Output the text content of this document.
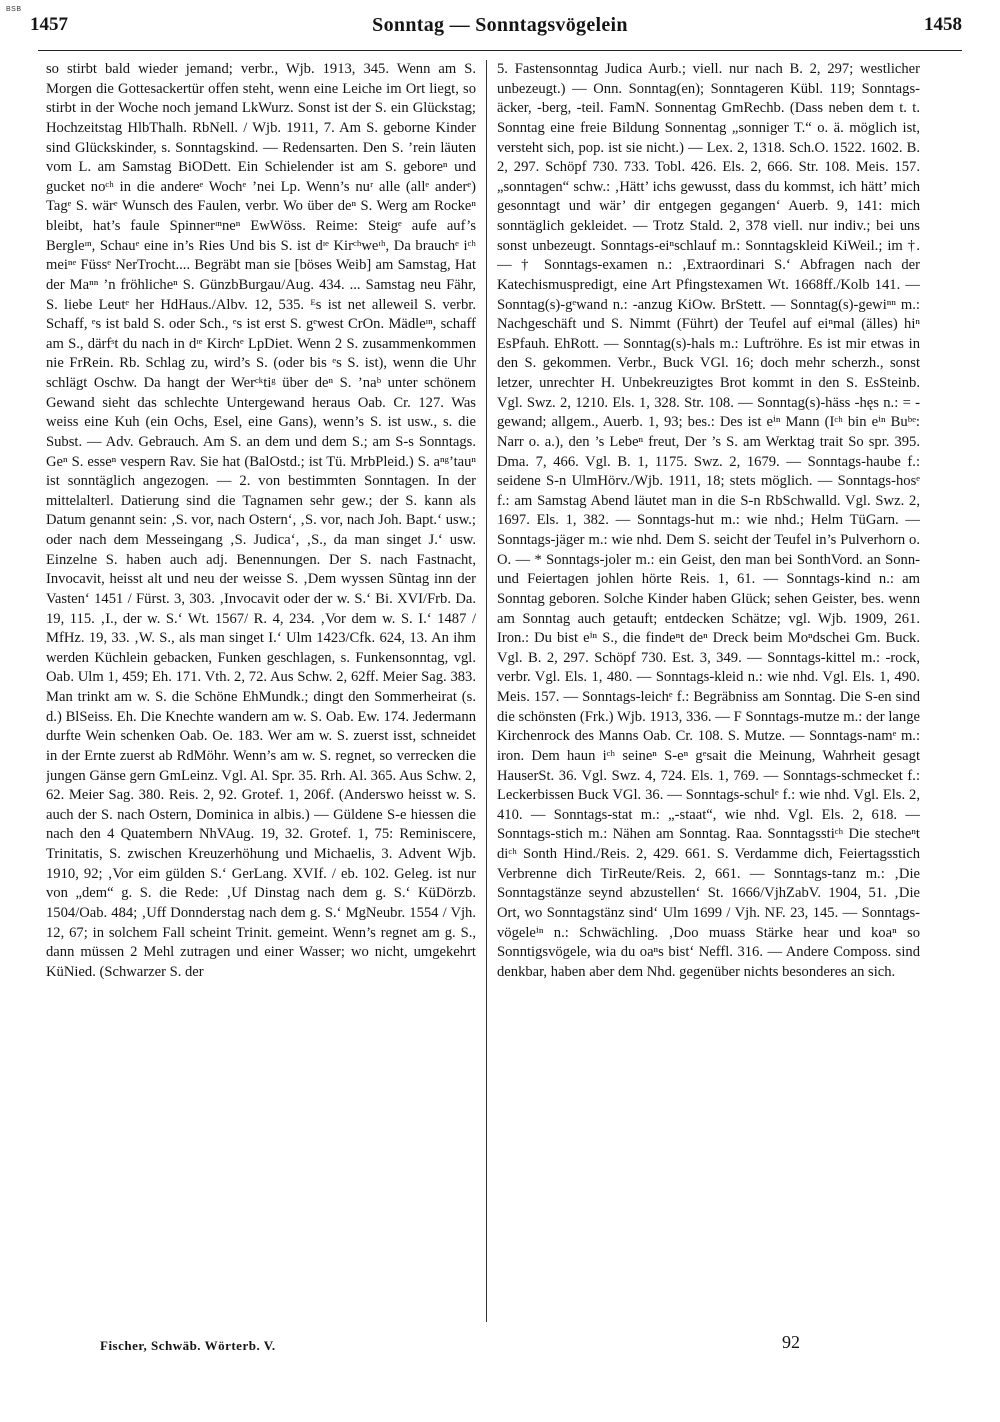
BSB
1457	Sonntag — Sonntagsvögelein	1458

so stirbt bald wieder jemand; verbr., Wjb. 1913, 345. Wenn am S. Morgen die Gottesackertür offen steht, wenn eine Leiche im Ort liegt, so stirbt in der Woche noch jemand LkWurz. Sonst ist der S. ein Glückstag; Hochzeitstag HlbThalh. RbNell. / Wjb. 1911, 7. Am S. geborne Kinder sind Glückskinder, s. Sonntagskind. — Redensarten. Den S. ’rein läuten vom L. am Samstag BiODett. Ein Schielender ist am S. geboreⁿ und gucket noᶜʰ in die andereᵉ Wochᵉ ’nei Lp. Wenn’s nuʳ alle (allᵉ anderᵉ) Tagᵉ S. wärᵉ Wunsch des Faulen, verbr. Wo über deⁿ S. Werg am Rockeⁿ bleibt, hat’s faule Spinnerᶦⁿneⁿ EwWöss. Reime: Steigᵉ aufe auf’s Bergleᶦⁿ, Schauᵉ eine in’s Ries Und bis S. ist dᶦᵉ Kirᶜʰweᶦʰ, Da brauchᵉ iᶜʰ meiⁿᵉ Füssᵉ NerTrocht.... Begräbt man sie [böses Weib] am Samstag, Hat der Maⁿⁿ ’n fröhlicheⁿ S. GünzbBurgau/Aug. 434. ... Samstag neu Fähr, S. liebe Leutᵉ her HdHaus./Albv. 12, 535. ᴱs ist net alleweil S. verbr. Schaff, ᵉs ist bald S. oder Sch., ᵉs ist erst S. gᵉwest CrOn. Mädleᶦⁿ, schaff am S., därfˢt du nach in dᶦᵉ Kirchᵉ LpDiet. Wenn 2 S. zusammenkommen nie FrRein. Rb. Schlag zu, wird’s S. (oder bis ᵉs S. ist), wenn die Uhr schlägt Oschw. Da hangt der Werᶜᵏtiᵍ über deⁿ S. ’naᵇ unter schönem Gewand sieht das schlechte Untergewand heraus Oab. Cr. 127. Was weiss eine Kuh (ein Ochs, Esel, eine Gans), wenn’s S. ist usw., s. die Subst. — Adv. Gebrauch. Am S. an dem und dem S.; am S-s Sonntags. Geⁿ S. esseⁿ vespern Rav. Sie hat (BalOstd.; ist Tü. MrbPleid.) S. aⁿᵍ’tauⁿ ist sonntäglich angezogen. — 2. von bestimmten Sonntagen. In der mittelalterl. Datierung sind die Tagnamen sehr gew.; der S. kann als Datum genannt sein: ‚S. vor, nach Ostern‘, ‚S. vor, nach Joh. Bapt.‘ usw.; oder nach dem Messeingang ‚S. Judica‘, ‚S., da man singet J.‘ usw. Einzelne S. haben auch adj. Benennungen. Der S. nach Fastnacht, Invocavit, heisst alt und neu der weisse S. ‚Dem wyssen Sũntag inn der Vasten‘ 1451 / Fürst. 3, 303. ‚Invocavit oder der w. S.‘ Bi. XVI/Frb. Da. 19, 115. ‚I., der w. S.‘ Wt. 1567/ R. 4, 234. ‚Vor dem w. S. I.‘ 1487 / MfHz. 19, 33. ‚W. S., als man singet I.‘ Ulm 1423/Cfk. 624, 13. An ihm werden Küchlein gebacken, Funken geschlagen, s. Funkensonntag, vgl. Oab. Ulm 1, 459; Eh. 171. Vth. 2, 72. Aus Schw. 2, 62ff. Meier Sag. 383. Man trinkt am w. S. die Schöne EhMundk.; dingt den Sommerheirat (s. d.) BlSeiss. Eh. Die Knechte wandern am w. S. Oab. Ew. 174. Jedermann durfte Wein schenken Oab. Oe. 183. Wer am w. S. zuerst isst, schneidet in der Ernte zuerst ab RdMöhr. Wenn’s am w. S. regnet, so verrecken die jungen Gänse gern GmLeinz. Vgl. Al. Spr. 35. Rrh. Al. 365. Aus Schw. 2, 62. Meier Sag. 380. Reis. 2, 92. Grotef. 1, 206f. (Anderswo heisst w. S. auch der S. nach Ostern, Dominica in albis.) — Güldene S-e hiessen die nach den 4 Quatembern NhVAug. 19, 32. Grotef. 1, 75: Reminiscere, Trinitatis, S. zwischen Kreuzerhöhung und Michaelis, 3. Advent Wjb. 1910, 92; ‚Vor eim gülden S.‘ GerLang. XVIf. / eb. 102. Geleg. ist nur von „dem“ g. S. die Rede: ‚Uf Dinstag nach dem g. S.‘ KüDörzb. 1504/Oab. 484; ‚Uff Donnderstag nach dem g. S.‘ MgNeubr. 1554 / Vjh. 12, 67; in solchem Fall scheint Trinit. gemeint. Wenn’s regnet am g. S., dann müssen 2 Mehl zutragen und einer Wasser; wo nicht, umgekehrt KüNied. (Schwarzer S. der

5. Fastensonntag Judica Aurb.; viell. nur nach B. 2, 297; westlicher unbezeugt.) — Onn. Sonntag(en); Sonntageren Kübl. 119; Sonntags-äcker, -berg, -teil. FamN. Sonnentag GmRechb. (Dass neben dem t. t. Sonntag eine freie Bildung Sonnentag „sonniger T.“ o. ä. möglich ist, versteht sich, pop. ist sie nicht.) — Lex. 2, 1318. Sch.O. 1522. 1602. B. 2, 297. Schöpf 730. 733. Tobl. 426. Els. 2, 666. Str. 108. Meis. 157. „sonntagen“ schw.: ‚Hätt’ ichs gewusst, dass du kommst, ich hätt’ mich gesonntagt und wär’ dir entgegen gegangen‘ Auerb. 9, 141: mich sonntäglich gekleidet. — Trotz Stald. 2, 378 viell. nur indiv.; bei uns sonst unbezeugt. Sonntags-eiⁿschlauf m.: Sonntagskleid KiWeil.; im †. — † Sonntags-examen n.: ‚Extraordinari S.‘ Abfragen nach der Katechismuspredigt, eine Art Pfingstexamen Wt. 1668ff./Kolb 141. — Sonntag(s)-gᵉwand n.: -anzug KiOw. BrStett. — Sonntag(s)-gewiⁿⁿ m.: Nachgeschäft und S. Nimmt (Führt) der Teufel auf eiⁿmal (älles) hiⁿ EsPfauh. EhRott. — Sonntag(s)-hals m.: Luftröhre. Es ist mir etwas in den S. gekommen. Verbr., Buck VGl. 16; doch mehr scherzh., sonst letzer, unrechter H. Unbekreuzigtes Brot kommt in den S. EsSteinb. Vgl. Swz. 2, 1210. Els. 1, 328. Str. 108. — Sonntag(s)-häss -hęs n.: = -gewand; allgem., Auerb. 1, 93; bes.: Des ist eⁱⁿ Mann (Iᶜʰ bin eⁱⁿ Buᵇᵉ: Narr o. a.), den ’s Lebeⁿ freut, Der ’s S. am Werktag trait So spr. 395. Dma. 7, 466. Vgl. B. 1, 1175. Swz. 2, 1679. — Sonntags-haube f.: seidene S-n UlmHörv./Wjb. 1911, 18; stets möglich. — Sonntags-hosᵉ f.: am Samstag Abend läutet man in die S-n RbSchwalld. Vgl. Swz. 2, 1697. Els. 1, 382. — Sonntags-hut m.: wie nhd.; Helm TüGarn. — Sonntags-jäger m.: wie nhd. Dem S. seicht der Teufel in’s Pulverhorn o. O. — * Sonntags-joler m.: ein Geist, den man bei SonthVord. an Sonn- und Feiertagen johlen hörte Reis. 1, 61. — Sonntags-kind n.: am Sonntag geboren. Solche Kinder haben Glück; sehen Geister, bes. wenn am Sonntag auch getauft; entdecken Schätze; vgl. Wjb. 1909, 261. Iron.: Du bist eⁱⁿ S., die findeⁿt deⁿ Dreck beim Moⁿdschei Gm. Buck. Vgl. B. 2, 297. Schöpf 730. Est. 3, 349. — Sonntags-kittel m.: -rock, verbr. Vgl. Els. 1, 480. — Sonntags-kleid n.: wie nhd. Vgl. Els. 1, 490. Meis. 157. — Sonntags-leichᵉ f.: Begräbniss am Sonntag. Die S-en sind die schönsten (Frk.) Wjb. 1913, 336. — F Sonntags-mutze m.: der lange Kirchenrock des Manns Oab. Cr. 108. S. Mutze. — Sonntags-namᵉ m.: iron. Dem haun iᶜʰ seineⁿ S-eⁿ gᵉsait die Meinung, Wahrheit gesagt HauserSt. 36. Vgl. Swz. 4, 724. Els. 1, 769. — Sonntags-schmecket f.: Leckerbissen Buck VGl. 36. — Sonntags-schulᵉ f.: wie nhd. Vgl. Els. 2, 410. — Sonntags-stat m.: „-staat“, wie nhd. Vgl. Els. 2, 618. — Sonntags-stich m.: Nähen am Sonntag. Raa. Sonntagsstiᶜʰ Die stecheⁿt diᶜʰ Sonth Hind./Reis. 2, 429. 661. S. Verdamme dich, Feiertagsstich Verbrenne dich TirReute/Reis. 2, 661. — Sonntags-tanz m.: ‚Die Sonntagstänze seynd abzustellen‘ St. 1666/VjhZabV. 1904, 51. ‚Die Ort, wo Sonntagstänz sind‘ Ulm 1699 / Vjh. NF. 23, 145. — Sonntags-vögeleⁱⁿ n.: Schwächling. ‚Doo muass Stärke hear und koaⁿ so Sonntigsvögele, wia du oaⁿs bist‘ Neffl. 316. — Andere Composs. sind denkbar, haben aber dem Nhd. gegenüber nichts besonderes an sich.

Fischer, Schwäb. Wörterb. V.	92
